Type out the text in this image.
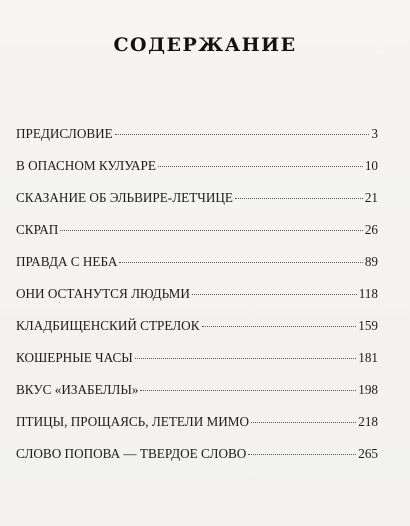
СОДЕРЖАНИЕ
ПРЕДИСЛОВИЕ	3
В ОПАСНОМ КУЛУАРЕ	10
СКАЗАНИЕ ОБ ЭЛЬВИРЕ-ЛЕТЧИЦЕ	21
СКРАП	26
ПРАВДА С НЕБА	89
ОНИ ОСТАНУТСЯ ЛЮДЬМИ	118
КЛАДБИЩЕНСКИЙ СТРЕЛОК	159
КОШЕРНЫЕ ЧАСЫ	181
ВКУС «ИЗАБЕЛЛЫ»	198
ПТИЦЫ, ПРОЩАЯСЬ, ЛЕТЕЛИ МИМО	218
СЛОВО ПОПОВА — ТВЕРДОЕ СЛОВО	265
